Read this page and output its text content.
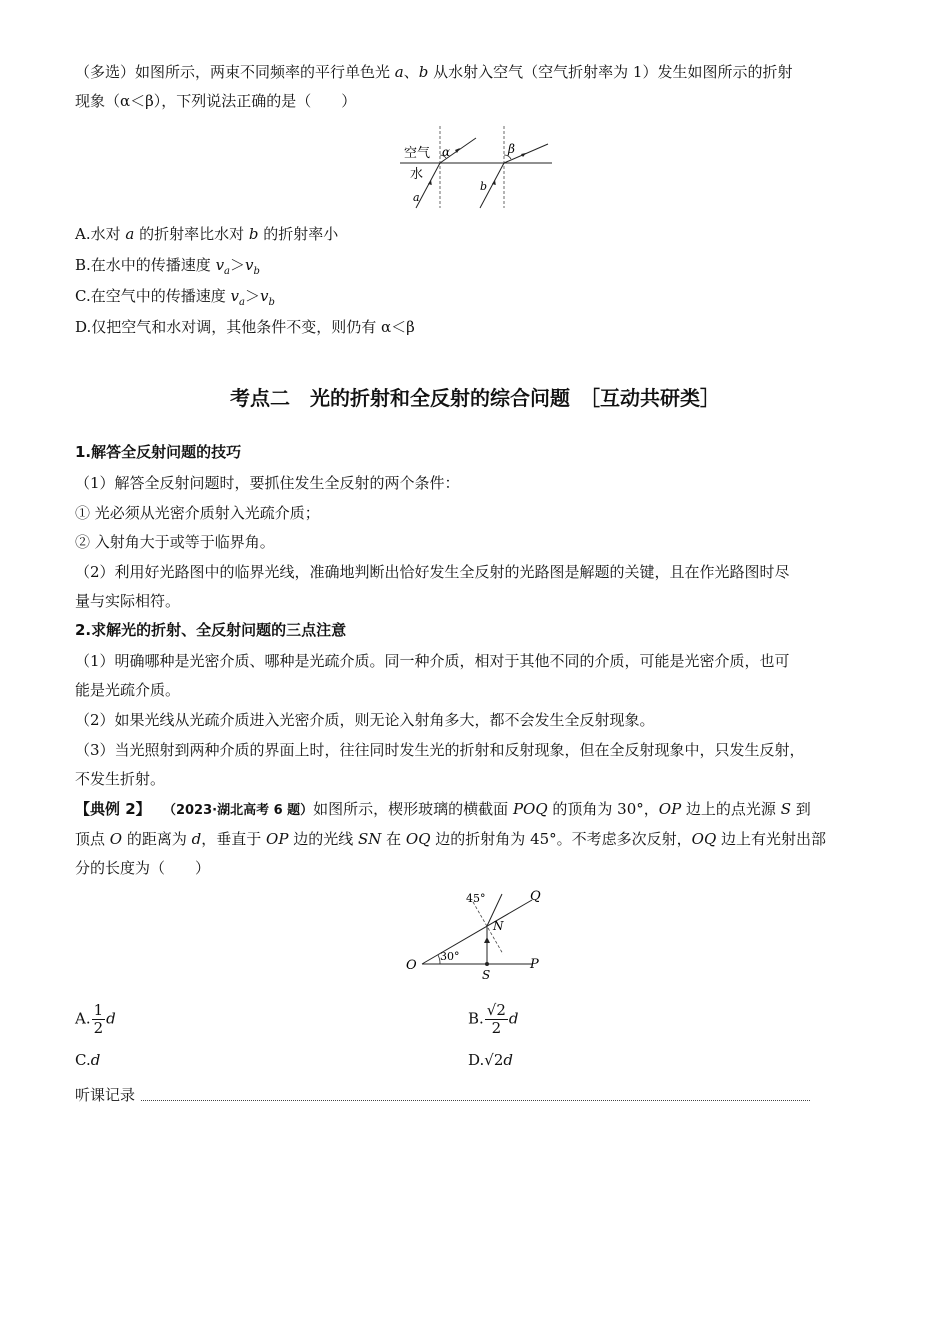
（多选）如图所示，两束不同频率的平行单色光 a、b 从水射入空气（空气折射率为 1）发生如图所示的折射
现象（α＜β），下列说法正确的是（　　）
空气
水
α	β
a
b
A.水对 a 的折射率比水对 b 的折射率小
B.在水中的传播速度 $v_a>v_b$
C.在空气中的传播速度 $v_a>v_b$
D.仅把空气和水对调，其他条件不变，则仍有 α＜β
考点二　光的折射和全反射的综合问题　［互动共研类］
1.解答全反射问题的技巧
（1）解答全反射问题时，要抓住发生全反射的两个条件：
① 光必须从光密介质射入光疏介质；
② 入射角大于或等于临界角。
（2）利用好光路图中的临界光线，准确地判断出恰好发生全反射的光路图是解题的关键，且在作光路图时尽
量与实际相符。
2.求解光的折射、全反射问题的三点注意
（1）明确哪种是光密介质、哪种是光疏介质。同一种介质，相对于其他不同的介质，可能是光密介质，也可
能是光疏介质。
（2）如果光线从光疏介质进入光密介质，则无论入射角多大，都不会发生全反射现象。
（3）当光照射到两种介质的界面上时，往往同时发生光的折射和反射现象，但在全反射现象中，只发生反射，
不发生折射。
【典例 2】　 （2023·湖北高考 6 题）如图所示，楔形玻璃的横截面 POQ 的顶角为 30°，OP 边上的点光源 S 到
顶点 O 的距离为 d，垂直于 OP 边的光线 SN 在 OQ 边的折射角为 45°。不考虑多次反射，OQ 边上有光射出部
分的长度为（　　）
O	P
Q
S
N
30°
45°
A. $\frac{1}{2}$ d	B. $\frac{√2}{2}$ d
C.d	D.√2d
听课记录
